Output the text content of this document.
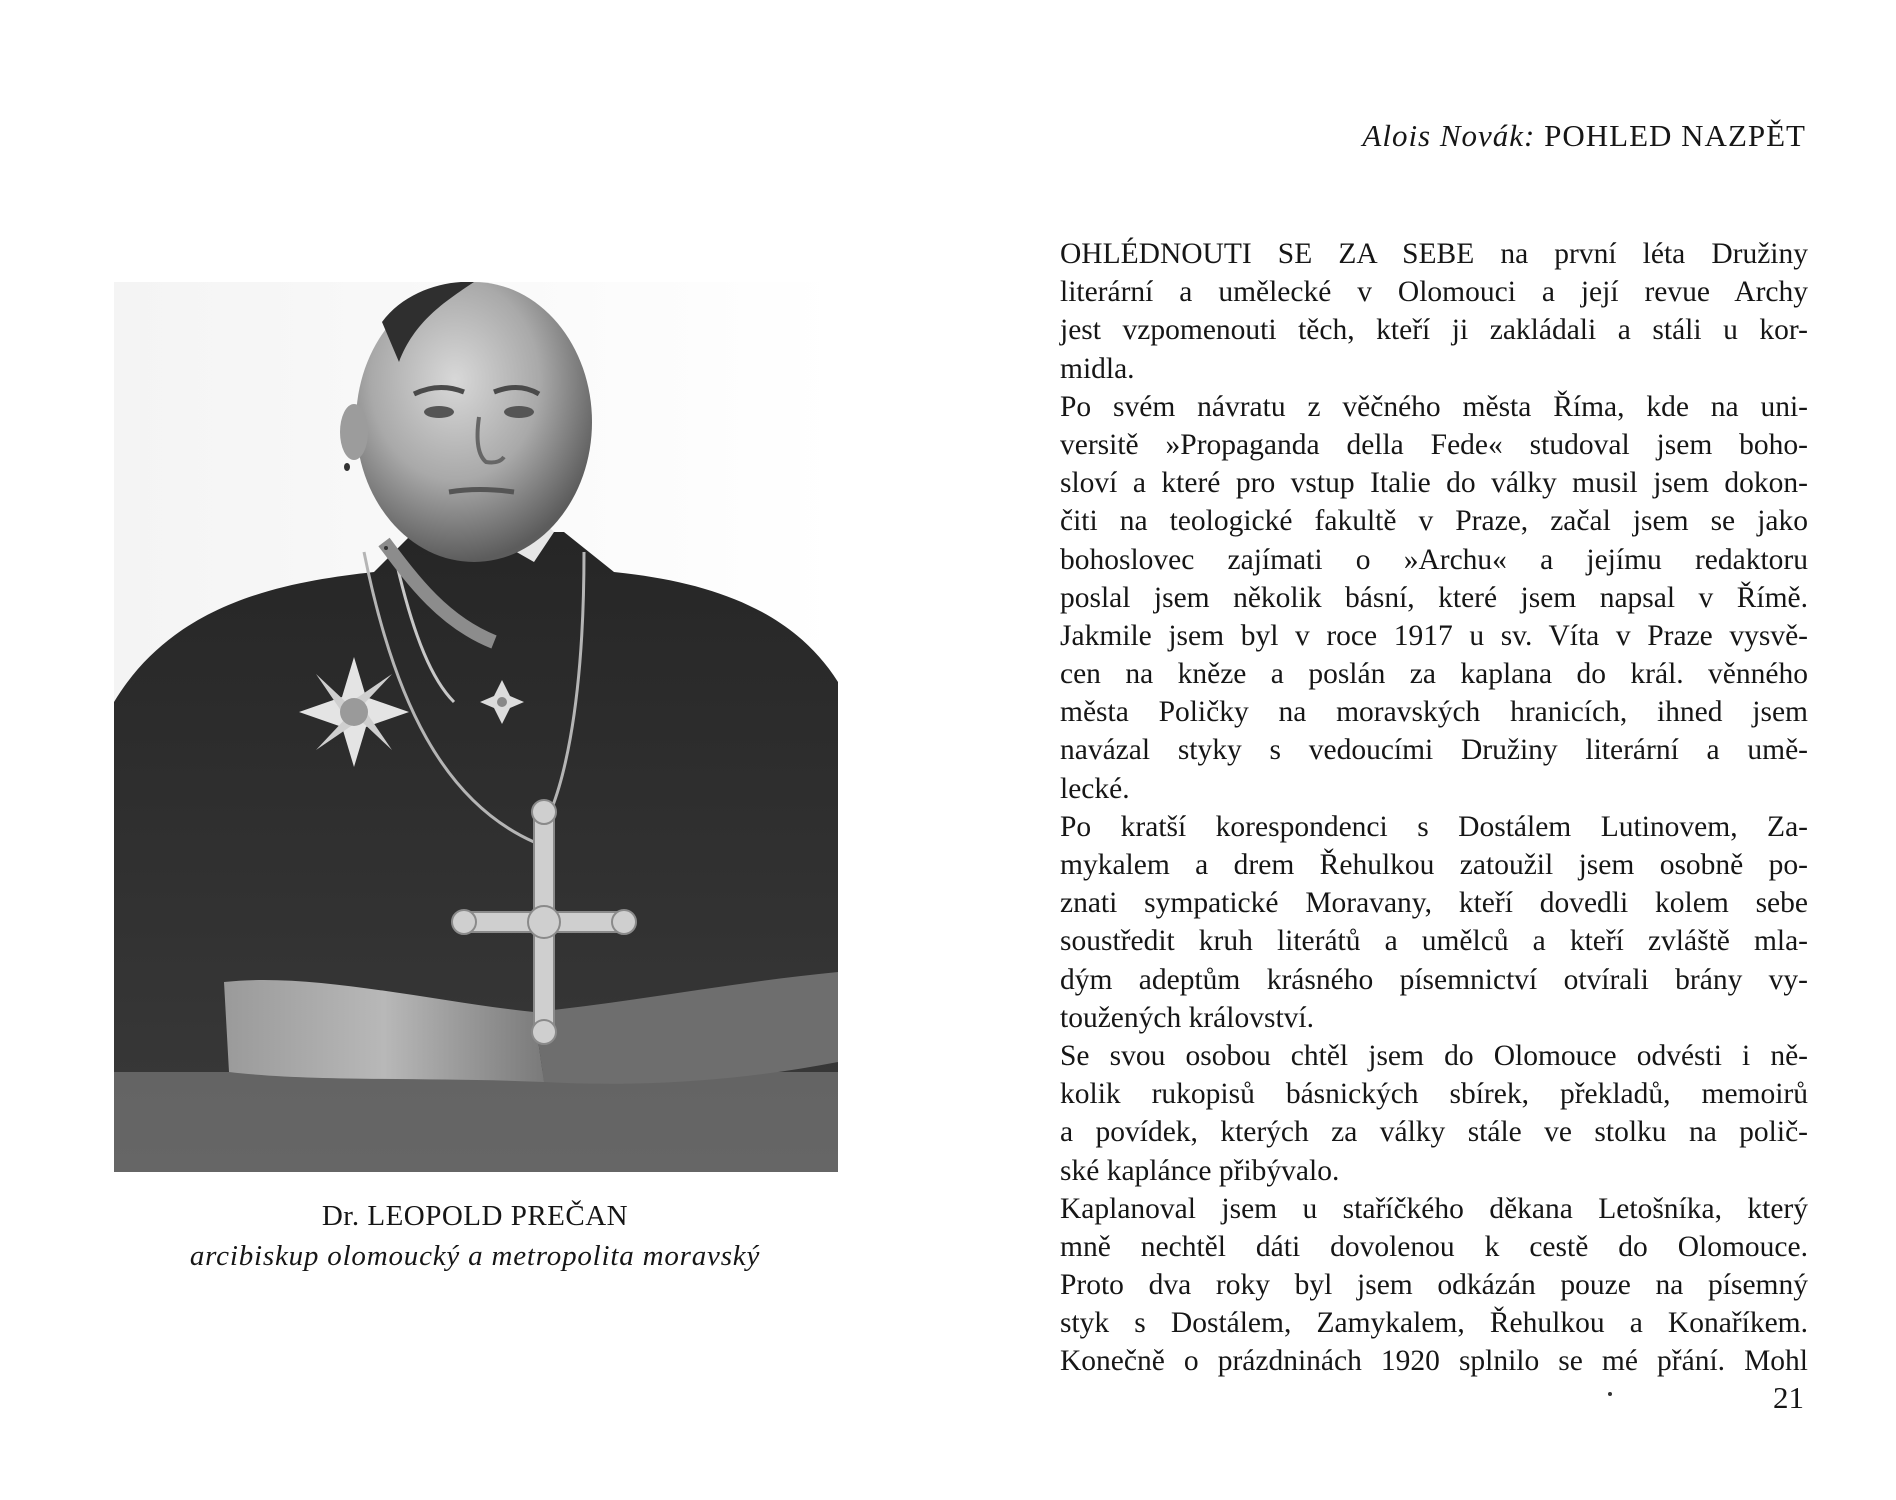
Dr. LEOPOLD PREČAN
arcibiskup olomoucký a metropolita moravský
Alois Novák: POHLED NAZPĚT
OHLÉDNOUTI SE ZA SEBE na první léta Družiny
literární a umělecké v Olomouci a její revue Archy
jest vzpomenouti těch, kteří ji zakládali a stáli u kor-
midla.
Po svém návratu z věčného města Říma, kde na uni-
versitě »Propaganda della Fede« studoval jsem boho-
sloví a které pro vstup Italie do války musil jsem dokon-
čiti na teologické fakultě v Praze, začal jsem se jako
bohoslovec zajímati o »Archu« a jejímu redaktoru
poslal jsem několik básní, které jsem napsal v Římě.
Jakmile jsem byl v roce 1917 u sv. Víta v Praze vysvě-
cen na kněze a poslán za kaplana do král. věnného
města Poličky na moravských hranicích, ihned jsem
navázal styky s vedoucími Družiny literární a umě-
lecké.
Po kratší korespondenci s Dostálem Lutinovem, Za-
mykalem a drem Řehulkou zatoužil jsem osobně po-
znati sympatické Moravany, kteří dovedli kolem sebe
soustředit kruh literátů a umělců a kteří zvláště mla-
dým adeptům krásného písemnictví otvírali brány vy-
toužených království.
Se svou osobou chtěl jsem do Olomouce odvésti i ně-
kolik rukopisů básnických sbírek, překladů, memoirů
a povídek, kterých za války stále ve stolku na polič-
ské kaplánce přibývalo.
Kaplanoval jsem u staříčkého děkana Letošníka, který
mně nechtěl dáti dovolenou k cestě do Olomouce.
Proto dva roky byl jsem odkázán pouze na písemný
styk s Dostálem, Zamykalem, Řehulkou a Konaříkem.
Konečně o prázdninách 1920 splnilo se mé přání. Mohl
21
